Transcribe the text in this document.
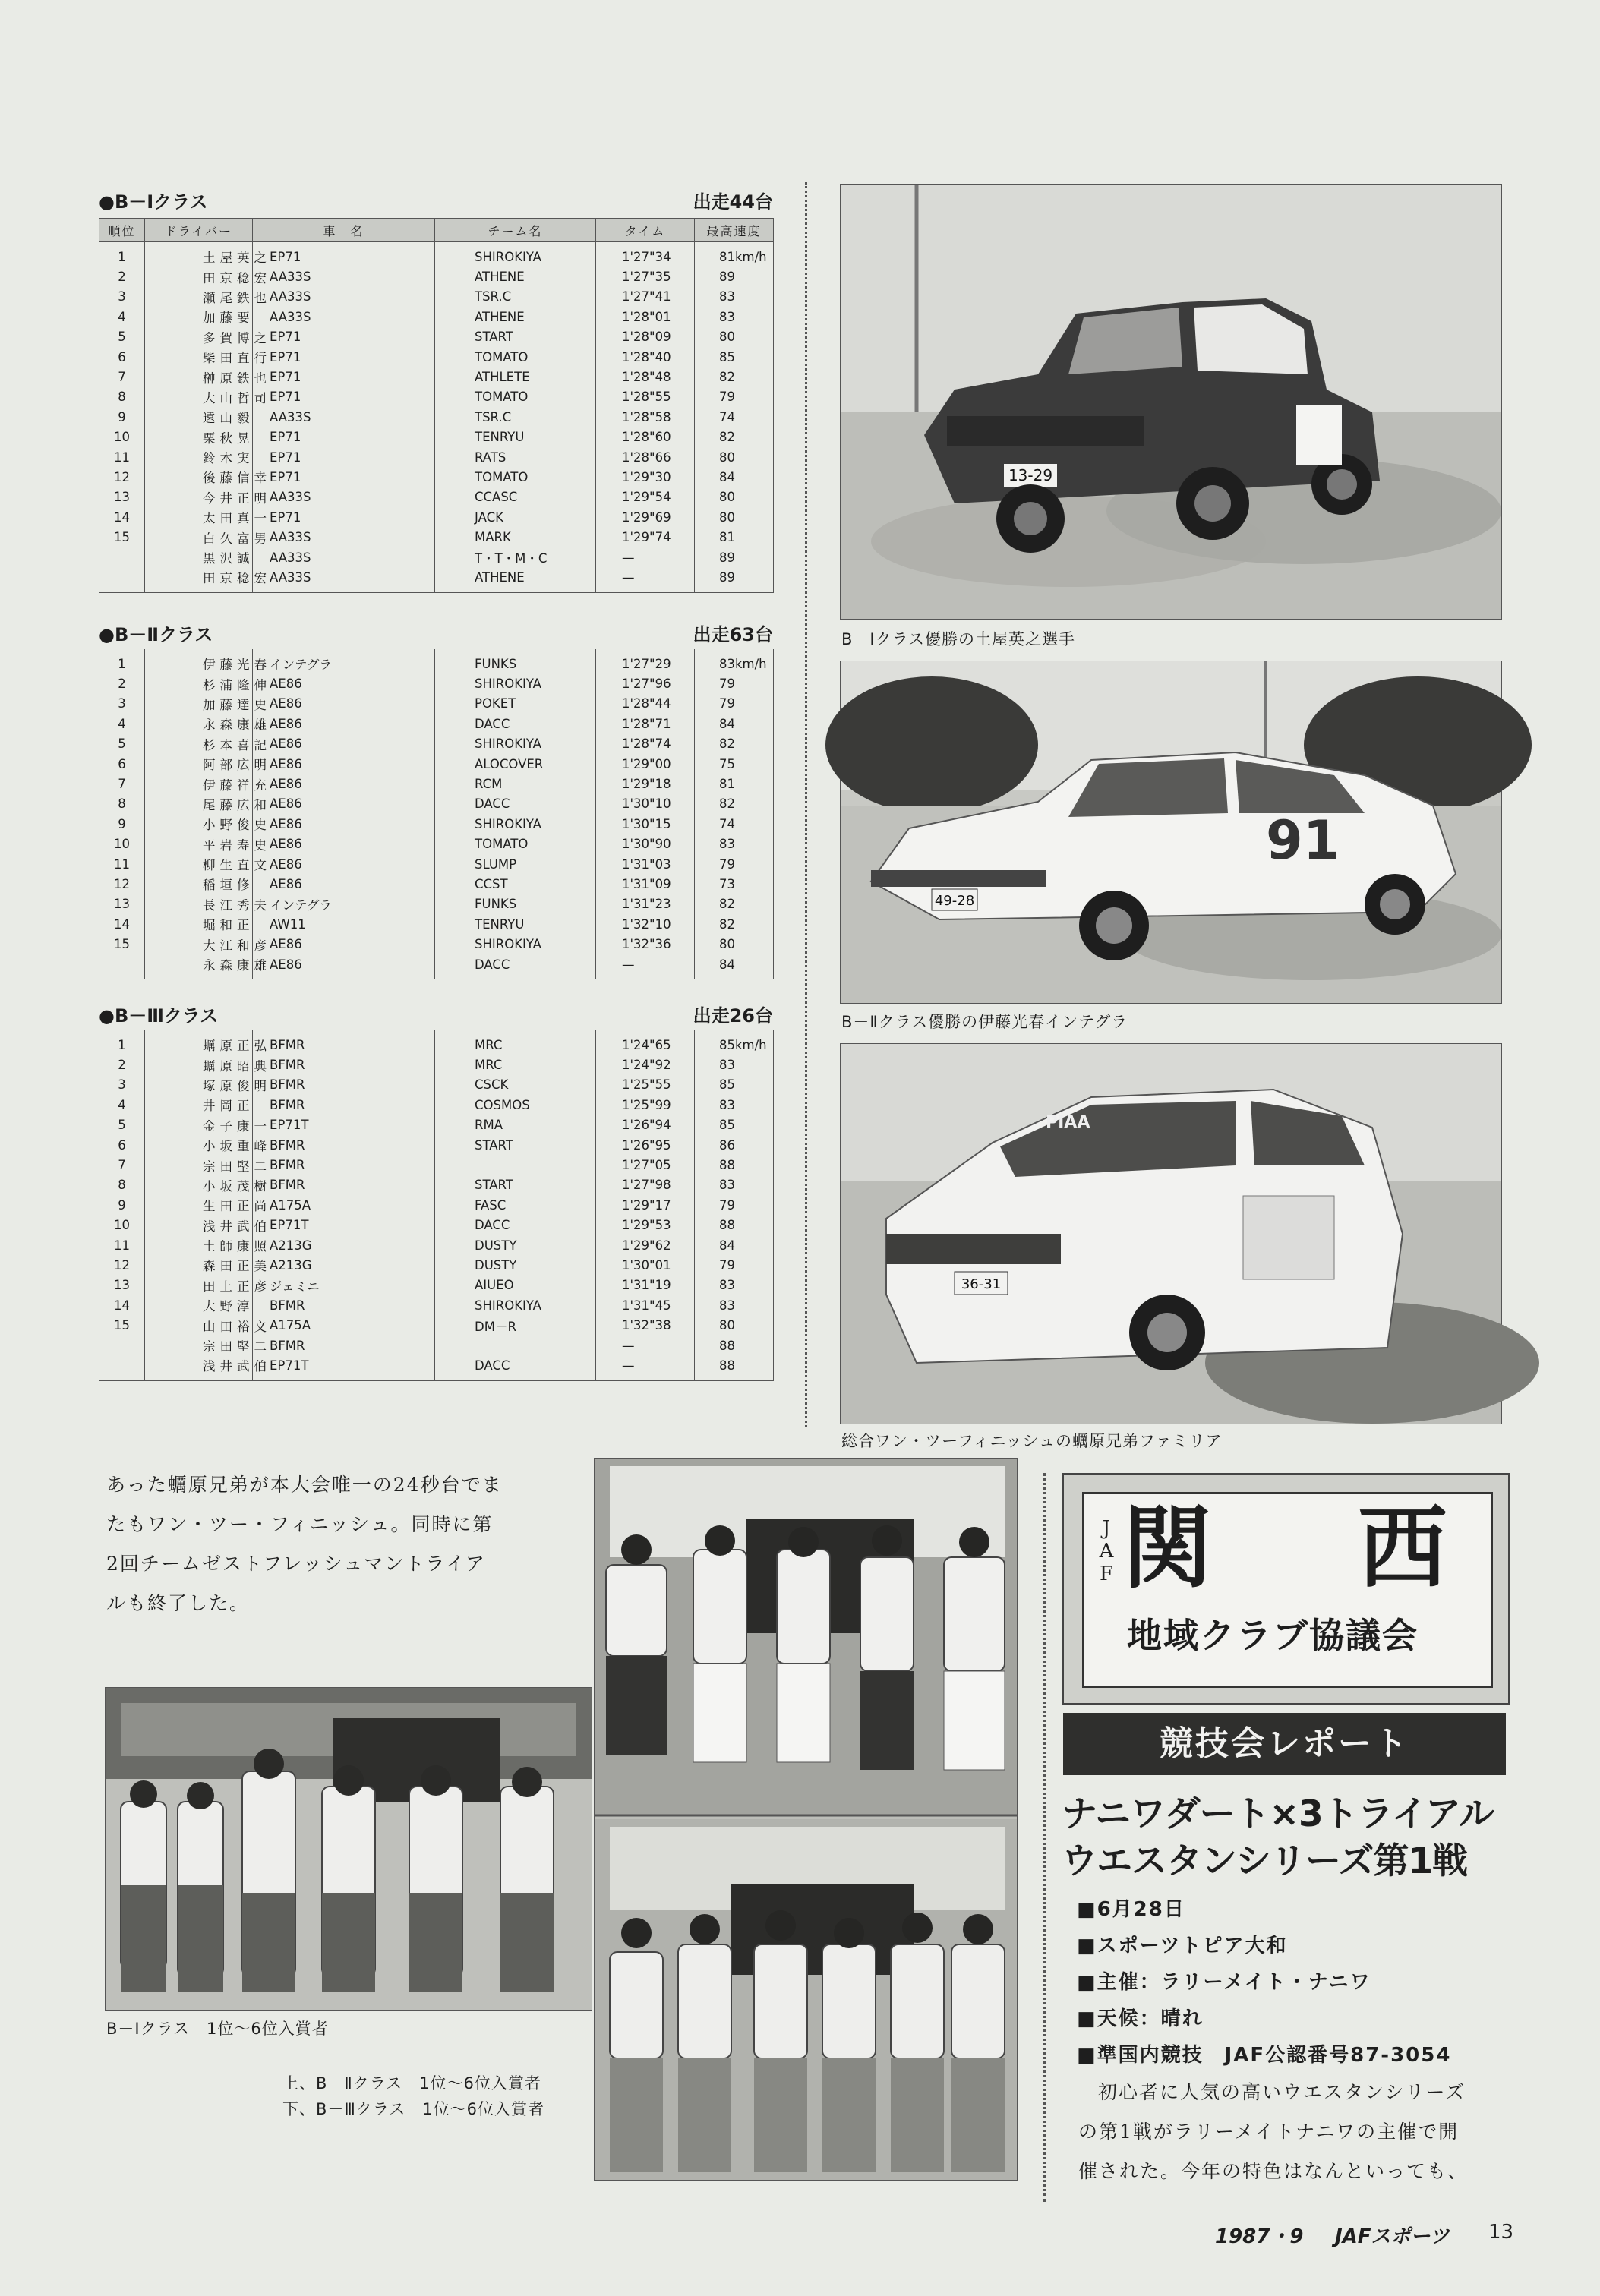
●B－Ⅰクラス	出走44台
順位	ドライバー	車　名	チーム名	タイム	最高速度
1	土屋英之	EP71	SHIROKIYA	1'27"34	81km/h
2	田京稔宏	AA33S	ATHENE	1'27"35	89
3	瀬尾鉄也	AA33S	TSR.C	1'27"41	83
4	加藤要	AA33S	ATHENE	1'28"01	83
5	多賀博之	EP71	START	1'28"09	80
6	柴田直行	EP71	TOMATO	1'28"40	85
7	榊原鉄也	EP71	ATHLETE	1'28"48	82
8	大山哲司	EP71	TOMATO	1'28"55	79
9	遠山毅	AA33S	TSR.C	1'28"58	74
10	栗秋晃	EP71	TENRYU	1'28"60	82
11	鈴木実	EP71	RATS	1'28"66	80
12	後藤信幸	EP71	TOMATO	1'29"30	84
13	今井正明	AA33S	CCASC	1'29"54	80
14	太田真一	EP71	JACK	1'29"69	80
15	白久富男	AA33S	MARK	1'29"74	81
	黒沢誠	AA33S	T・T・M・C	—	89
	田京稔宏	AA33S	ATHENE	—	89
●B－Ⅱクラス	出走63台
1	伊藤光春	インテグラ	FUNKS	1'27"29	83km/h
2	杉浦隆伸	AE86	SHIROKIYA	1'27"96	79
3	加藤達史	AE86	POKET	1'28"44	79
4	永森康雄	AE86	DACC	1'28"71	84
5	杉本喜記	AE86	SHIROKIYA	1'28"74	82
6	阿部広明	AE86	ALOCOVER	1'29"00	75
7	伊藤祥充	AE86	RCM	1'29"18	81
8	尾藤広和	AE86	DACC	1'30"10	82
9	小野俊史	AE86	SHIROKIYA	1'30"15	74
10	平岩寿史	AE86	TOMATO	1'30"90	83
11	柳生直文	AE86	SLUMP	1'31"03	79
12	稲垣修	AE86	CCST	1'31"09	73
13	長江秀夫	インテグラ	FUNKS	1'31"23	82
14	堀和正	AW11	TENRYU	1'32"10	82
15	大江和彦	AE86	SHIROKIYA	1'32"36	80
	永森康雄	AE86	DACC	—	84
●B－Ⅲクラス	出走26台
1	蠣原正弘	BFMR	MRC	1'24"65	85km/h
2	蠣原昭典	BFMR	MRC	1'24"92	83
3	塚原俊明	BFMR	CSCK	1'25"55	85
4	井岡正	BFMR	COSMOS	1'25"99	83
5	金子康一	EP71T	RMA	1'26"94	85
6	小坂重峰	BFMR	START	1'26"95	86
7	宗田堅二	BFMR		1'27"05	88
8	小坂茂樹	BFMR	START	1'27"98	83
9	生田正尚	A175A	FASC	1'29"17	79
10	浅井武伯	EP71T	DACC	1'29"53	88
11	土師康照	A213G	DUSTY	1'29"62	84
12	森田正美	A213G	DUSTY	1'30"01	79
13	田上正彦	ジェミニ	AIUEO	1'31"19	83
14	大野淳	BFMR	SHIROKIYA	1'31"45	83
15	山田裕文	A175A	DM－R	1'32"38	80
	宗田堅二	BFMR		—	88
	浅井武伯	EP71T	DACC	—	88
13-29
B－Ⅰクラス優勝の土屋英之選手
49-28
91
B－Ⅱクラス優勝の伊藤光春インテグラ
PIAA
36-31
総合ワン・ツーフィニッシュの蠣原兄弟ファミリア
あった蠣原兄弟が本大会唯一の24秒台でま
たもワン・ツー・フィニッシュ。同時に第
2回チームゼストフレッシュマントライア
ルも終了した。
B－Ⅰクラス　1位～6位入賞者
上、B－Ⅱクラス　1位～6位入賞者
下、B－Ⅲクラス　1位～6位入賞者
JAF 関 西
地域クラブ協議会
競技会レポート
ナニワダート×3トライアル
ウエスタンシリーズ第1戦
■6月28日
■スポーツトピア大和
■主催：ラリーメイト・ナニワ
■天候：晴れ
■準国内競技　JAF公認番号87-3054
初心者に人気の高いウエスタンシリーズ
の第1戦がラリーメイトナニワの主催で開
催された。今年の特色はなんといっても、
1987・9 JAFスポーツ 13
